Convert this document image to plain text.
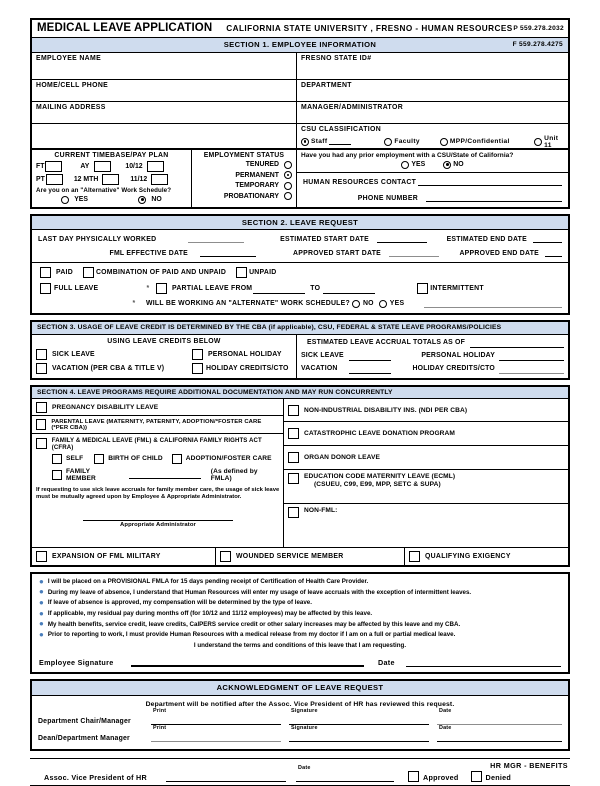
MEDICAL LEAVE APPLICATION CALIFORNIA STATE UNIVERSITY , FRESNO - HUMAN RESOURCES P 559.278.2032
SECTION 1. EMPLOYEE INFORMATION	F 559.278.4275
EMPLOYEE NAME	FRESNO STATE ID#
HOME/CELL PHONE	DEPARTMENT
MAILING ADDRESS	MANAGER/ADMINISTRATOR
CSU CLASSIFICATION
Staff	Faculty	MPP/Confidential	Unit 11
CURRENT TIMEBASE/PAY PLAN
FT	AY	10/12
PT	12 MTH	11/12
Are you on an "Alternative" Work Schedule?
YES	NO
EMPLOYMENT STATUS
TENURED
PERMANENT
TEMPORARY
PROBATIONARY
Have you had any prior employment with a CSU/State of California?
YES	NO
HUMAN RESOURCES CONTACT

PHONE NUMBER

SECTION 2. LEAVE REQUEST
LAST DAY PHYSICALLY WORKED	ESTIMATED START DATE	ESTIMATED END DATE
FML EFFECTIVE DATE	APPROVED START DATE	APPROVED END DATE
PAID	COMBINATION OF PAID AND UNPAID	UNPAID
FULL LEAVE	*	PARTIAL LEAVE FROM	TO	INTERMITTENT
*	WILL BE WORKING AN "ALTERNATE" WORK SCHEDULE? NO YES
SECTION 3. USAGE OF LEAVE CREDIT IS DETERMINED BY THE CBA (if applicable), CSU, FEDERAL & STATE LEAVE PROGRAMS/POLICIES
USING LEAVE CREDITS BELOW
SICK LEAVE	PERSONAL HOLIDAY
VACATION (PER CBA & TITLE V)	HOLIDAY CREDITS/CTO
ESTIMATED LEAVE ACCRUAL TOTALS AS OF
SICK LEAVE	PERSONAL HOLIDAY
VACATION	HOLIDAY CREDITS/CTO
SECTION 4. LEAVE PROGRAMS REQUIRE ADDITIONAL DOCUMENTATION AND MAY RUN CONCURRENTLY
PREGNANCY DISABILITY LEAVE
PARENTAL LEAVE (MATERNITY, PATERNITY, ADOPTION/*FOSTER CARE (*PER CBA))
FAMILY & MEDICAL LEAVE (FML) & CALIFORNIA FAMILY RIGHTS ACT (CFRA)
SELF	BIRTH OF CHILD	ADOPTION/FOSTER CARE
FAMILY MEMBER
(As defined by FMLA)
If requesting to use sick leave accruals for family member care, the usage of sick leave must be mutually agreed upon by Employee & Appropriate Administrator.

Appropriate Administrator
NON-INDUSTRIAL DISABILITY INS. (NDI PER CBA)
CATASTROPHIC LEAVE DONATION PROGRAM
ORGAN DONOR LEAVE
EDUCATION CODE MATERNITY LEAVE (ECML)
(CSUEU, C99, E99, MPP, SETC & SUPA)
NON-FML:
EXPANSION OF FML MILITARY	WOUNDED SERVICE MEMBER	QUALIFYING EXIGENCY
● I will be placed on a PROVISIONAL FMLA for 15 days pending receipt of Certification of Health Care Provider.
● During my leave of absence, I understand that Human Resources will enter my usage of leave accruals with the exception of intermittent leaves.
● If leave of absence is approved, my compensation will be determined by the type of leave.
● If applicable, my residual pay during months off (for 10/12 and 11/12 employees) may be affected by this leave.
● My health benefits, service credit, leave credits, CalPERS service credit or other salary increases may be affected by this leave and my CBA.
● Prior to reporting to work, I must provide Human Resources with a medical release from my doctor if I am on a full or partial medical leave.
I understand the terms and conditions of this leave that I am requesting.
Employee Signature	Date
ACKNOWLEDGMENT OF LEAVE REQUEST
Department will be notified after the Assoc. Vice President of HR has reviewed this request.
Department Chair/Manager
Print	Signature	Date
Dean/Department Manager
Print	Signature	Date
HR MGR - BENEFITS
Assoc. Vice President of HR
Date
Approved	Denied
